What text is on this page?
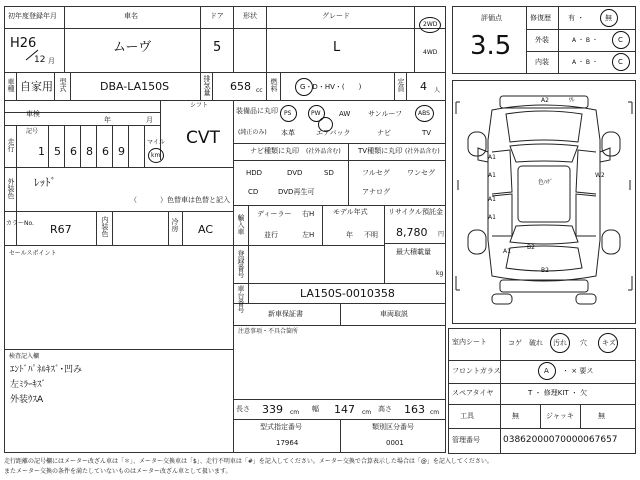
初年度登録年月
H26
12 月
車名
ムーヴ
ドア
5
形状	グレード
L
2WD
4WD
車種 自家用 型式	DBA-LA150S	排気量 658 cc 燃料	G・D・HV・(　　)	定員 4 人
評価点
3.5
修復歴 有 ・	無
外装	A ・ B ・	C
内装	A ・ B ・	C
車検
年	月
シフト
CVT
走行
記号
1 5 6 8 6 9
マイル
km
外装色 ﾚｯﾄﾞ
（	）色替車は色替と記入
カラーNo. R67	内装色	冷房 AC
セールスポイント
検査記入欄
ｴﾝﾄﾞﾊﾟﾈﾙｷｽﾞ･凹み
左ﾐﾗｰｷｽﾞ
外装ｳｽA
装備品に丸印
(純正のみ)
PS	PW	AW	サンルーフ	ABS
本革	エアバック	ナビ	TV
ナビ種類に丸印 (社外品含む)
HDD	DVD	SD
CD	DVD再生可
TV種類に丸印 (社外品含む)
フルセグ ワンセグ
アナログ
輸入車 ディーラー
並行
右H
左H
モデル年式
年 不明
リサイクル預託金
8,780 円
最大積載量
kg
登録番号
車台番号	LA150S-0010358
新車保証書	車両取説
注意事項・不具合箇所
長さ 339 cm 幅 147 cm 高さ 163 cm
型式指定番号
17964
類別区分番号
0001
A2	ﾜﾚ
A1
A1	W2
色ﾊｹﾞ
A1
A1
B2
A1
B2
室内シート	コゲ 破れ 汚れ 穴 キズ
フロントガラス	A ・ × 要ス
スペアタイヤ	T ・ 修理KIT ・ 欠
工具	無	ジャッキ	無
管理番号	03862000070000067657
走行距離の記号欄にはメーター改ざん車は「＊」、メーター交換車は「$」、走行不明車は「#」を記入してください。メーター交換で合算表示した場合は「@」を記入してください。
またメーター交換の条件を満たしていないものはメーター改ざん車として扱います。
